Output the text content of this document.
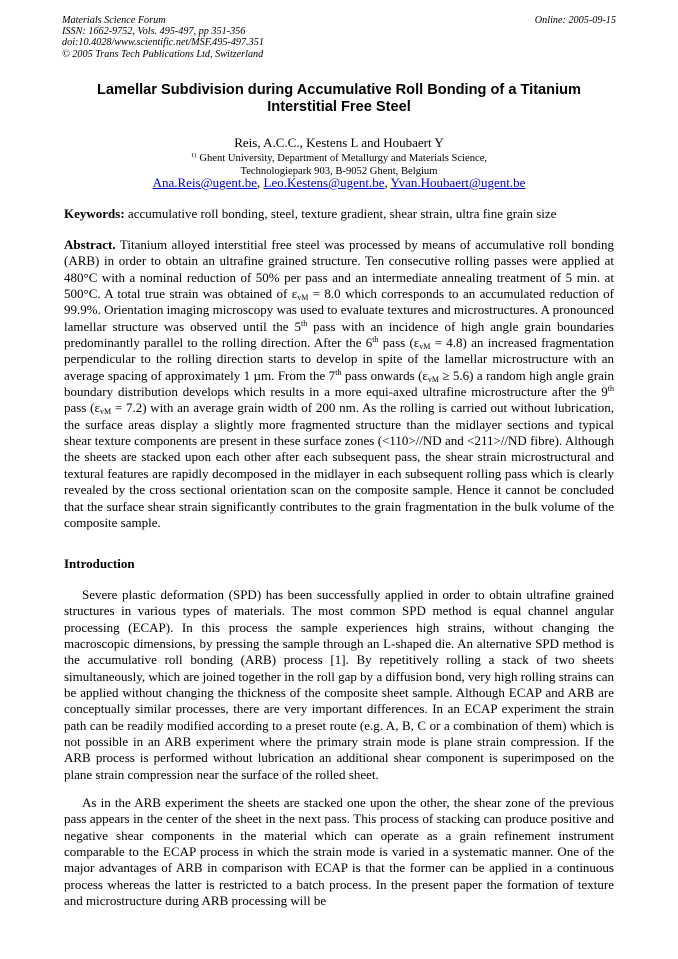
Materials Science Forum
ISSN: 1662-9752, Vols. 495-497, pp 351-356
doi:10.4028/www.scientific.net/MSF.495-497.351
© 2005 Trans Tech Publications Ltd, Switzerland
Online: 2005-09-15
Lamellar Subdivision during Accumulative Roll Bonding of a Titanium Interstitial Free Steel
Reis, A.C.C., Kestens L and Houbaert Y
$^{1)}$ Ghent University, Department of Metallurgy and Materials Science,
Technologiepark 903, B-9052 Ghent, Belgium
Ana.Reis@ugent.be, Leo.Kestens@ugent.be, Yvan.Houbaert@ugent.be
Keywords: accumulative roll bonding, steel, texture gradient, shear strain, ultra fine grain size
Abstract. Titanium alloyed interstitial free steel was processed by means of accumulative roll bonding (ARB) in order to obtain an ultrafine grained structure. Ten consecutive rolling passes were applied at 480°C with a nominal reduction of 50% per pass and an intermediate annealing treatment of 5 min. at 500°C. A total true strain was obtained of $\varepsilon_{vM} = 8.0$ which corresponds to an accumulated reduction of 99.9%. Orientation imaging microscopy was used to evaluate textures and microstructures. A pronounced lamellar structure was observed until the 5th pass with an incidence of high angle grain boundaries predominantly parallel to the rolling direction. After the 6th pass $(\varepsilon_{vM} = 4.8)$ an increased fragmentation perpendicular to the rolling direction starts to develop in spite of the lamellar microstructure with an average spacing of approximately 1 µm. From the 7th pass onwards $(\varepsilon_{vM} \ge 5.6)$ a random high angle grain boundary distribution develops which results in a more equi-axed ultrafine microstructure after the 9th pass $(\varepsilon_{vM} = 7.2)$ with an average grain width of 200 nm. As the rolling is carried out without lubrication, the surface areas display a slightly more fragmented structure than the midlayer sections and typical shear texture components are present in these surface zones (<110>//ND and <211>//ND fibre). Although the sheets are stacked upon each other after each subsequent pass, the shear strain microstructural and textural features are rapidly decomposed in the midlayer in each subsequent rolling pass which is clearly revealed by the cross sectional orientation scan on the composite sample. Hence it cannot be concluded that the surface shear strain significantly contributes to the grain fragmentation in the bulk volume of the composite sample.
Introduction
Severe plastic deformation (SPD) has been successfully applied in order to obtain ultrafine grained structures in various types of materials. The most common SPD method is equal channel angular processing (ECAP). In this process the sample experiences high strains, without changing the macroscopic dimensions, by pressing the sample through an L-shaped die. An alternative SPD method is the accumulative roll bonding (ARB) process [1]. By repetitively rolling a stack of two sheets simultaneously, which are joined together in the roll gap by a diffusion bond, very high rolling strains can be applied without changing the thickness of the composite sheet sample. Although ECAP and ARB are conceptually similar processes, there are very important differences. In an ECAP experiment the strain path can be readily modified according to a preset route (e.g. A, B, C or a combination of them) which is not possible in an ARB experiment where the primary strain mode is plane strain compression. If the ARB process is performed without lubrication an additional shear component is superimposed on the plane strain compression near the surface of the rolled sheet.
As in the ARB experiment the sheets are stacked one upon the other, the shear zone of the previous pass appears in the center of the sheet in the next pass. This process of stacking can produce positive and negative shear components in the material which can operate as a grain refinement instrument comparable to the ECAP process in which the strain mode is varied in a systematic manner. One of the major advantages of ARB in comparison with ECAP is that the former can be applied in a continuous process whereas the latter is restricted to a batch process. In the present paper the formation of texture and microstructure during ARB processing will be
